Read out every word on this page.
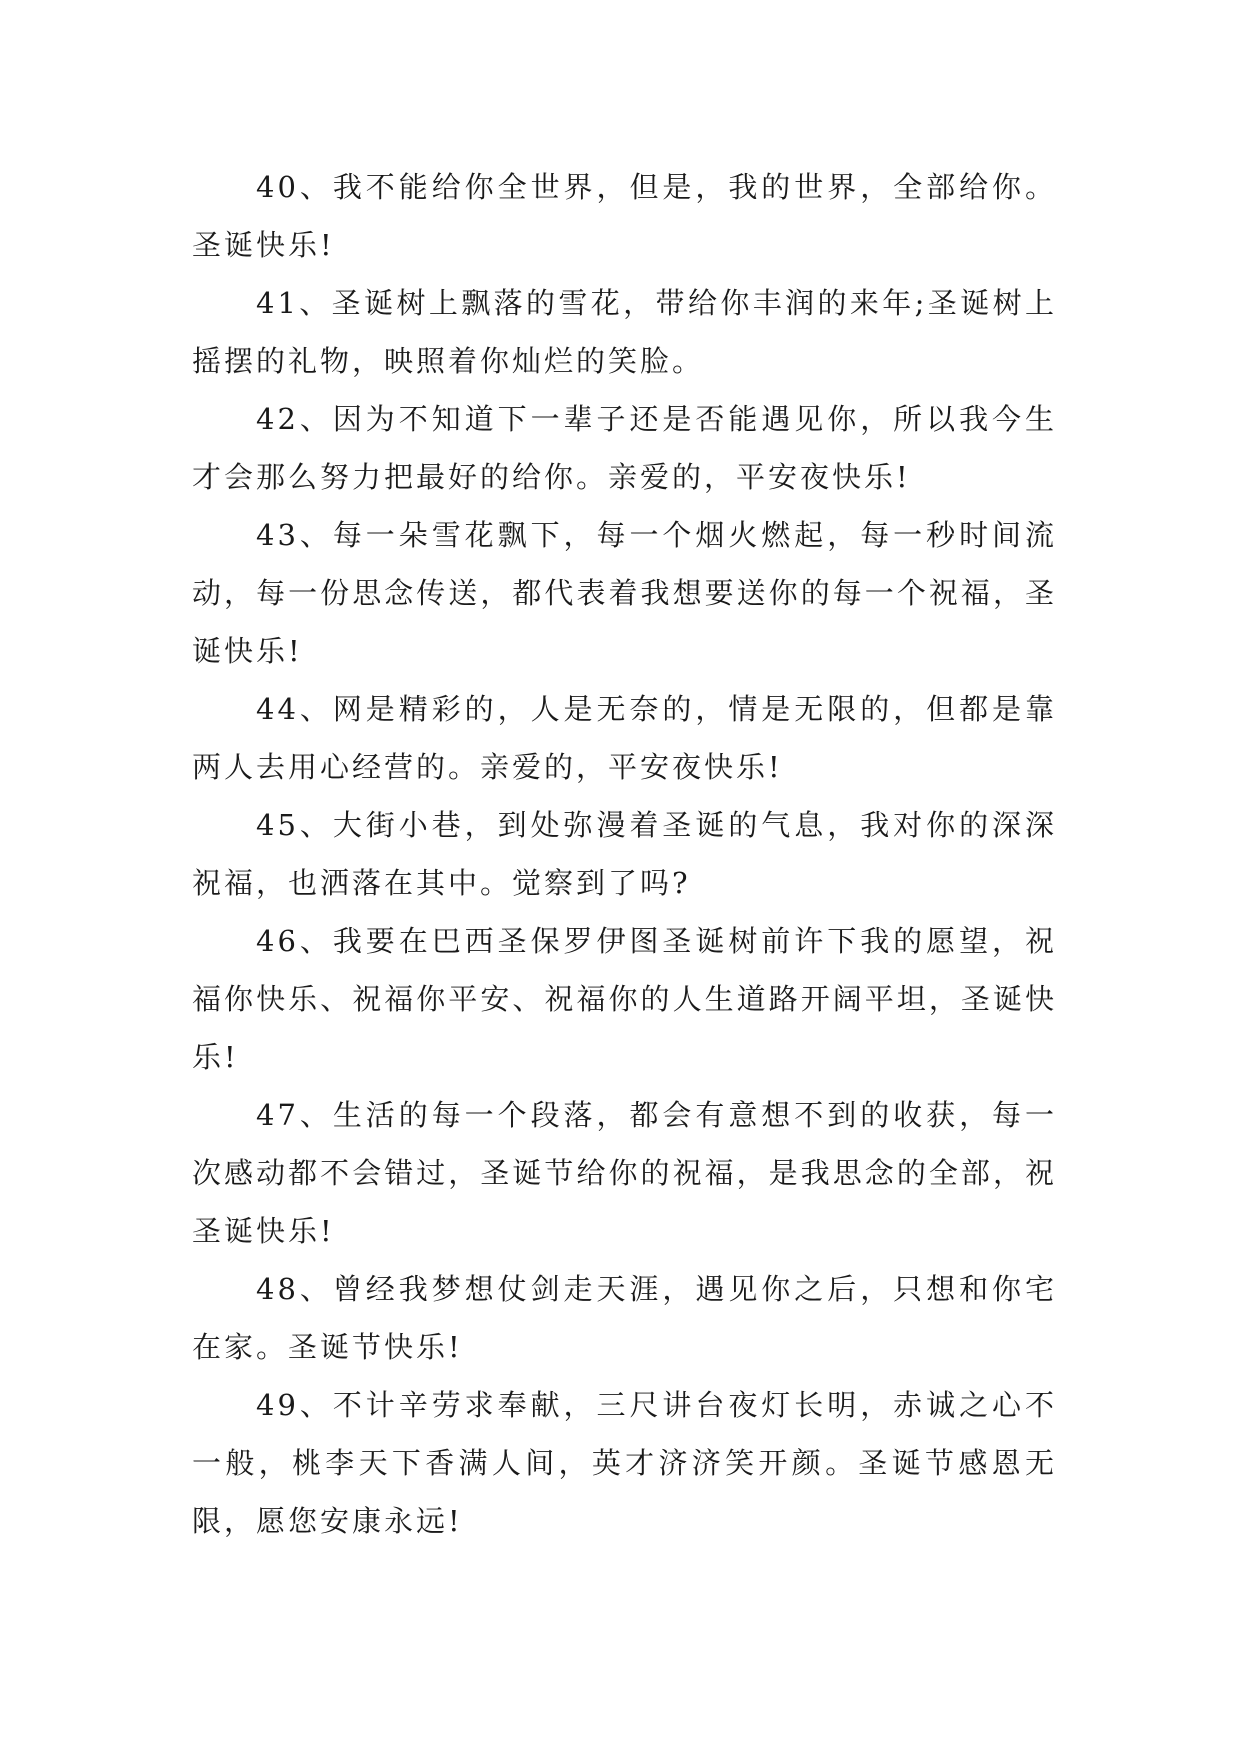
40、我不能给你全世界，但是，我的世界，全部给你。圣诞快乐!

41、圣诞树上飘落的雪花，带给你丰润的来年;圣诞树上摇摆的礼物，映照着你灿烂的笑脸。

42、因为不知道下一辈子还是否能遇见你，所以我今生才会那么努力把最好的给你。亲爱的，平安夜快乐!

43、每一朵雪花飘下，每一个烟火燃起，每一秒时间流动，每一份思念传送，都代表着我想要送你的每一个祝福，圣诞快乐!

44、网是精彩的，人是无奈的，情是无限的，但都是靠两人去用心经营的。亲爱的，平安夜快乐!

45、大街小巷，到处弥漫着圣诞的气息，我对你的深深祝福，也洒落在其中。觉察到了吗?

46、我要在巴西圣保罗伊图圣诞树前许下我的愿望，祝福你快乐、祝福你平安、祝福你的人生道路开阔平坦，圣诞快乐!

47、生活的每一个段落，都会有意想不到的收获，每一次感动都不会错过，圣诞节给你的祝福，是我思念的全部，祝圣诞快乐!

48、曾经我梦想仗剑走天涯，遇见你之后，只想和你宅在家。圣诞节快乐!

49、不计辛劳求奉献，三尺讲台夜灯长明，赤诚之心不一般，桃李天下香满人间，英才济济笑开颜。圣诞节感恩无限，愿您安康永远!
